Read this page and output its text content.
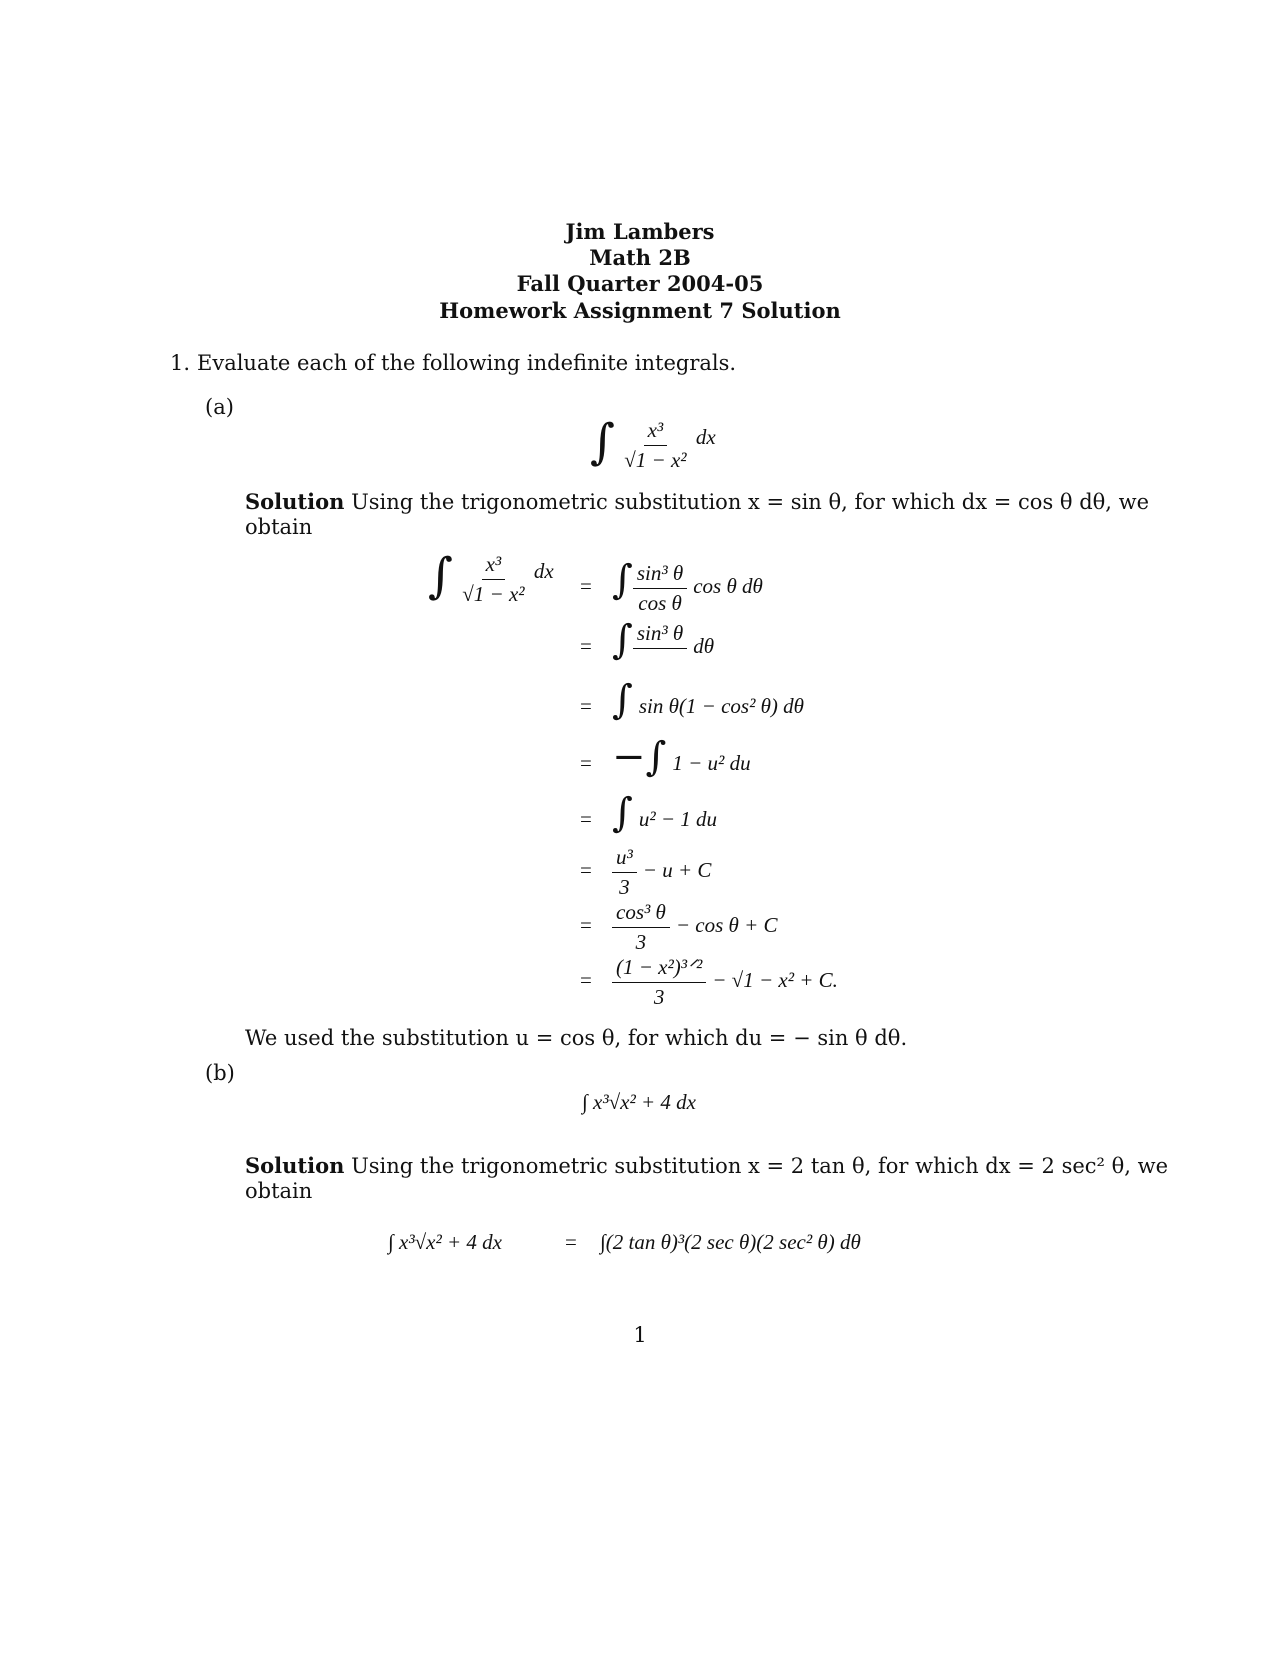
Jim Lambers
Math 2B
Fall Quarter 2004-05
Homework Assignment 7 Solution
1. Evaluate each of the following indefinite integrals.
(a)
∫ $\frac{\text{x³}}{\text{√1 − x²}}$ dx
Solution Using the trigonometric substitution x = sin θ, for which dx = cos θ dθ, we
obtain
∫ $\frac{\text{x³}}{\text{√1 − x²}}$ dx
= ∫ $\frac{\text{sin³ θ}}{\text{cos θ}}$ cos θ dθ
= ∫ sin³ θ

dθ
= ∫ sin θ(1 − cos² θ) dθ
= −∫ 1 − u² du
= ∫ u² − 1 du
= $\frac{\text{u³}}{3} - u + C$
= $\frac{\text{cos³ θ}}{3} - \cos \theta + C$
= $\frac{\text{(1 − x²)³ᐟ²}}{3} - √1 - x^2 + C$.
We used the substitution u = cos θ, for which du = − sin θ dθ.
(b)
∫ x³√x² + 4 dx
Solution Using the trigonometric substitution x = 2 tan θ, for which dx = 2 sec² θ, we
obtain
∫ x³√x² + 4 dx	= ∫(2 tan θ)³(2 sec θ)(2 sec² θ) dθ
1
